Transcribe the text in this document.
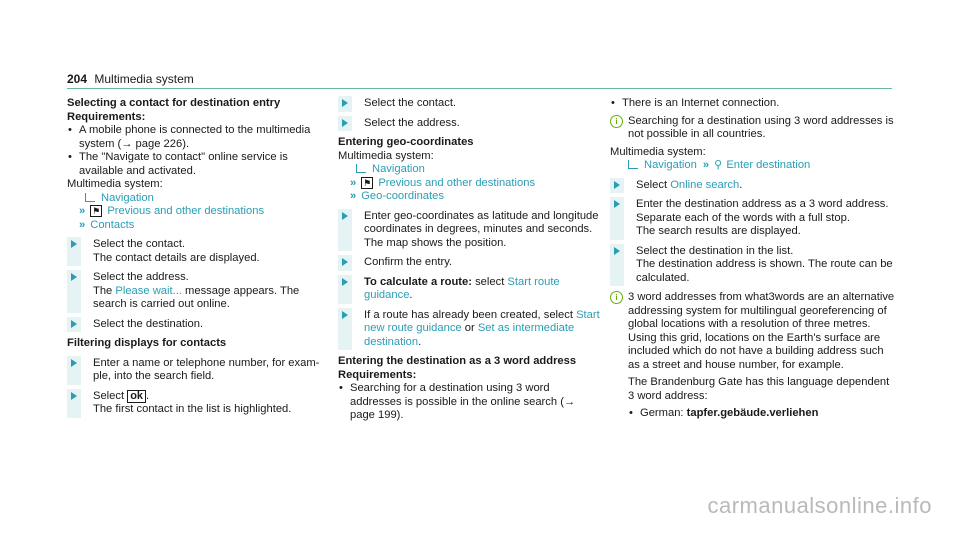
204 Multimedia system

Selecting a contact for destination entry

Requirements:

• A mobile phone is connected to the multimedia system (→ page 226).

• The "Navigate to contact" online service is available and activated.

Multimedia system:

Navigation

» ⚑ Previous and other destinations

» Contacts

Select the contact.

The contact details are displayed.

Select the address.

The Please wait... message appears. The search is carried out online.

Select the destination.

Filtering displays for contacts

Enter a name or telephone number, for example, into the search field.

Select ok .

The first contact in the list is highlighted.

Select the contact.

Select the address.

Entering geo-coordinates

Multimedia system:

Navigation

» ⚑ Previous and other destinations

» Geo-coordinates

Enter geo-coordinates as latitude and longitude coordinates in degrees, minutes and seconds.

The map shows the position.

Confirm the entry.

To calculate a route: select Start route guidance.

If a route has already been created, select Start new route guidance or Set as intermediate destination.

Entering the destination as a 3 word address

Requirements:

• Searching for a destination using 3 word addresses is possible in the online search (→ page 199).

• There is an Internet connection.

i Searching for a destination using 3 word addresses is not possible in all countries.

Multimedia system:

Navigation » ⚲ Enter destination

Select Online search.

Enter the destination address as a 3 word address. Separate each of the words with a full stop.

The search results are displayed.

Select the destination in the list.

The destination address is shown. The route can be calculated.

i 3 word addresses from what3words are an alternative addressing system for multilingual georeferencing of global locations with a resolution of three metres. Using this grid, locations on the Earth's surface are included which do not have a building address such as a street and house number, for example.

The Brandenburg Gate has this language dependent 3 word address:

• German: tapfer.gebäude.verliehen

carmanualsonline.info
